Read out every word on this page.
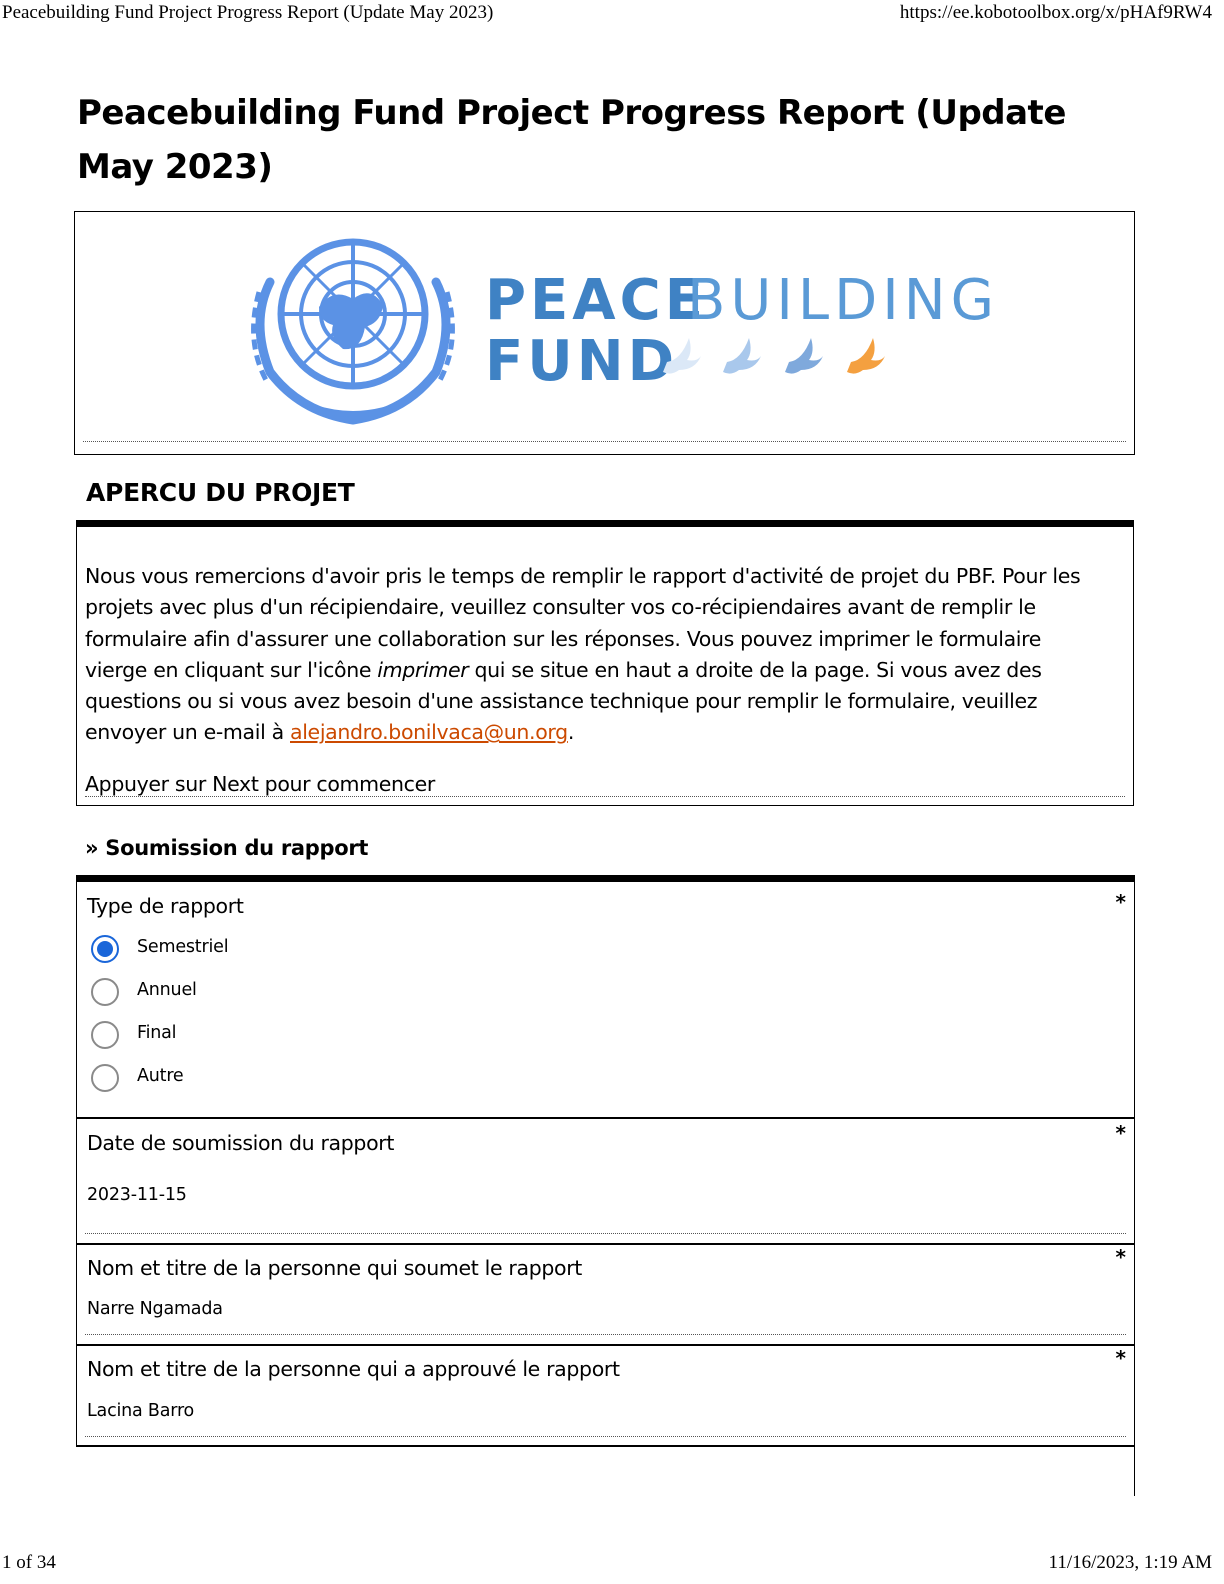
Peacebuilding Fund Project Progress Report (Update May 2023)	https://ee.kobotoolbox.org/x/pHAf9RW4
Peacebuilding Fund Project Progress Report (Update May 2023)
PEACE
BUILDING
FUND
APERCU DU PROJET
Nous vous remercions d'avoir pris le temps de remplir le rapport d'activité de projet du PBF. Pour les projets avec plus d'un récipiendaire, veuillez consulter vos co-récipiendaires avant de remplir le formulaire afin d'assurer une collaboration sur les réponses. Vous pouvez imprimer le formulaire vierge en cliquant sur l'icône imprimer qui se situe en haut a droite de la page. Si vous avez des questions ou si vous avez besoin d'une assistance technique pour remplir le formulaire, veuillez envoyer un e-mail à alejandro.bonilvaca@un.org.
Appuyer sur Next pour commencer
» Soumission du rapport
Type de rapport	*
Semestriel
Annuel
Final
Autre
Date de soumission du rapport	*
2023-11-15
Nom et titre de la personne qui soumet le rapport	*
Narre Ngamada
Nom et titre de la personne qui a approuvé le rapport	*
Lacina Barro
1 of 34	11/16/2023, 1:19 AM
